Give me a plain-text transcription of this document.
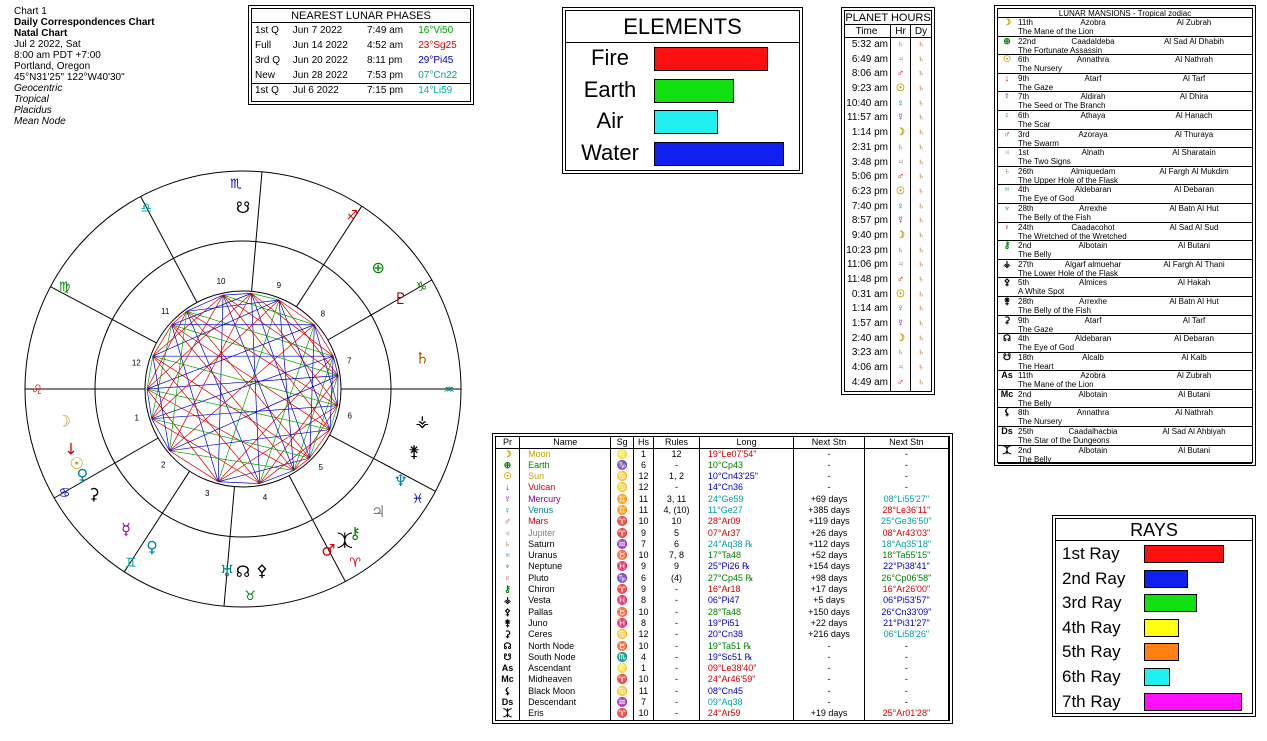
Chart 1
Daily Correspondences Chart
Natal Chart
Jul 2 2022, Sat
8:00 am PDT +7:00
Portland, Oregon
45°N31'25" 122°W40'30"
Geocentric
Tropical
Placidus
Mean Node
NEAREST LUNAR PHASES
1st Q	Jun 7 2022	7:49 am	16°Vi50
Full	Jun 14 2022	4:52 am	23°Sg25
3rd Q	Jun 20 2022	8:11 pm	29°Pi45
New	Jun 28 2022	7:53 pm	07°Cn22
1st Q	Jul 6 2022	7:15 pm	14°Li59
ELEMENTS
Fire
Earth
Air
Water
PLANET HOURS
Time	Hr Dy
5:32 am ♄	♄
6:49 am ♃	♄
8:06 am ♂	♄
9:23 am ☉	♄
10:40 am ♀	♄
11:57 am ☿	♄
1:14 pm ☽	♄
2:31 pm ♄	♄
3:48 pm ♃	♄
5:06 pm ♂	♄
6:23 pm ☉	♄
7:40 pm ♀	♄
8:57 pm ☿	♄
9:40 pm ☽	♄
10:23 pm ♄	♄
11:06 pm ♃	♄
11:48 pm ♂	♄
0:31 am ☉	♄
1:14 am ♀	♄
1:57 am ☿	♄
2:40 am ☽	♄
3:23 am ♄	♄
4:06 am ♃	♄
4:49 am ♂	♄
LUNAR MANSIONS - Tropical zodiac
☽ 11th	Azobra	Al Zubrah
The Mane of the Lion
⊕ 22nd	Caadaldeba	Al Sad Al Dhabih
The Fortunate Assassin
☉ 6th	Annathra	Al Nathrah
The Nursery
↓	9th	Atarf	Al Tarf
The Gaze
☿ 7th	Aldirah	Al Dhira
The Seed or The Branch
♀ 6th	Athaya	Al Hanach
The Scar
♂ 3rd	Azoraya	Al Thuraya
The Swarm
♃ 1st	Alnath	Al Sharatain
The Two Signs
♄ 26th	Almiquedam	Al Fargh Al Mukdim
The Upper Hole of the Flask
♅ 4th	Aldebaran	Al Debaran
The Eye of God
♆ 28th	Arrexhe	Al Batn Al Hut
The Belly of the Fish
♇ 24th	Caadacohot	Al Sad Al Sud
The Wretched of the Wretched
⚷ 2nd	Albotain	Al Butani
The Belly
⚶ 27th	Algarf almuehar	Al Fargh Al Thani
The Lower Hole of the Flask
⚴ 5th	Almices	Al Hakah
A White Spot
⚵ 28th	Arrexhe	Al Batn Al Hut
The Belly of the Fish
⚳ 9th	Atarf	Al Tarf
The Gaze
☊ 4th	Aldebaran	Al Debaran
The Eye of God
☋ 18th	Alcalb	Al Kalb
The Heart
As 11th	Azobra	Al Zubrah
The Mane of the Lion
Mc 2nd	Albotain	Al Butani
The Belly
⚸ 8th	Annathra	Al Nathrah
The Nursery
Ds 25th	Caadalhacbia	Al Sad Al Ahbiyah
The Star of the Dungeons
⯰ 2nd	Albotain	Al Butani
The Belly
Pr	Name	Sg	Hs	Rules	Long	Next Stn	Next Stn
☽	Moon	♌	1	12	19°Le07'54"	-	-
⊕	Earth	♑	6	-	10°Cp43	-	-
☉	Sun	♋	12	1, 2	10°Cn43'25"	-	-
↓	Vulcan	♋	12	-	14°Cn36	-	-
☿	Mercury	♊	11	3, 11	24°Ge59	+69 days	08°Li55'27"
♀	Venus	♊	11	4, (10)	11°Ge27	+385 days	28°Le36'11"
♂	Mars	♈	10	10	28°Ar09	+119 days	25°Ge36'50"
♃	Jupiter	♈	9	5	07°Ar37	+26 days	08°Ar43'03"
♄	Saturn	♒	7	6	24°Aq38 ℞	+112 days	18°Aq35'18"
♅	Uranus	♉	10	7, 8	17°Ta48	+52 days	18°Ta55'15"
♆	Neptune	♓	9	9	25°Pi26 ℞	+154 days	22°Pi38'41"
♇	Pluto	♑	6	(4)	27°Cp45 ℞	+98 days	26°Cp06'58"
⚷	Chiron	♈	9	-	16°Ar18	+17 days	16°Ar26'00"
⚶	Vesta	♓	8	-	06°Pi47	+5 days	06°Pi53'57"
⚴	Pallas	♉	10	-	28°Ta48	+150 days	26°Cn33'09"
⚵	Juno	♓	8	-	19°Pi51	+22 days	21°Pi31'27"
⚳	Ceres	♋	12	-	20°Cn38	+216 days	06°Li58'26"
☊	North Node	♉	10	-	19°Ta51 ℞	-	-
☋	South Node	♏	4	-	19°Sc51 ℞	-	-
As	Ascendant	♌	1	-	09°Le38'40"	-	-
Mc	Midheaven	♈	10	-	24°Ar46'59"	-	-
⚸	Black Moon	♋	11	-	08°Cn45	-	-
Ds	Descendant	♒	7	-	09°Aq38	-	-
⯰	Eris	♈	10	-	24°Ar59	+19 days	25°Ar01'28"
RAYS
1st Ray
2nd Ray
3rd Ray
4th Ray
5th Ray
6th Ray
7th Ray
1
2
3	4
5
6
7
8
9
10
11
12
☽
♀
☉
↓
⚳
☿
♀
♅ ☊ ⚴
♂
⯰
⚷
♃
♆
⚵
⚶
♄
♇
⊕
☋
♌
♋
♊
♉
♈
♓
♒
♑
♐
♏
♎
♍
